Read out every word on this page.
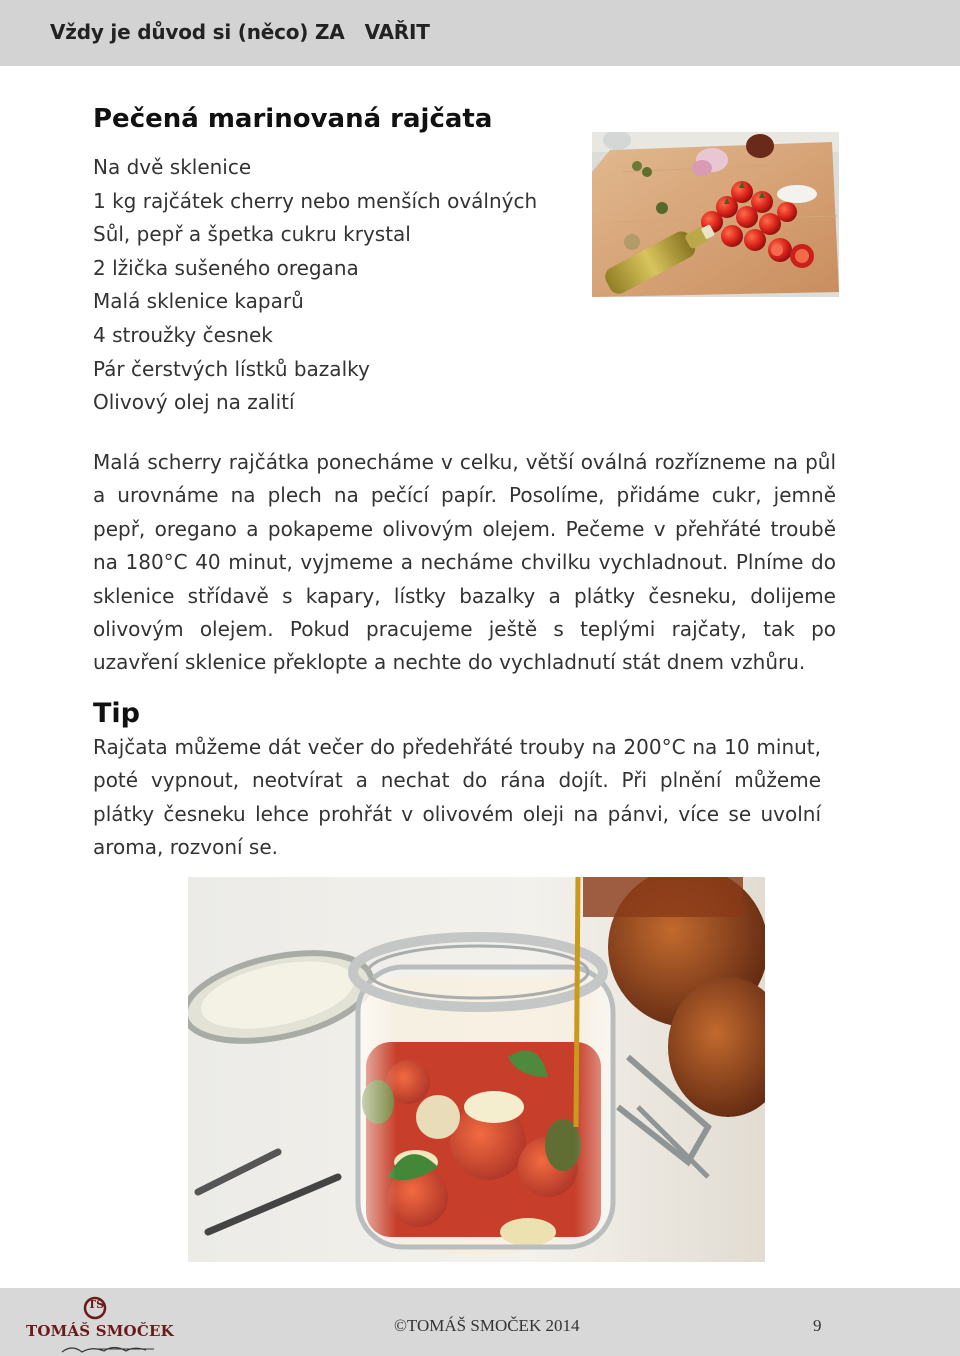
Vždy je důvod si (něco) ZA VAŘIT
Pečená marinovaná rajčata
Na dvě sklenice
1 kg rajčátek cherry nebo menších oválných
Sůl, pepř a špetka cukru krystal
2 lžička sušeného oregana
Malá sklenice kaparů
4 stroužky česnek
Pár čerstvých lístků bazalky
Olivový olej na zalití

Malá scherry rajčátka ponecháme v celku, větší oválná rozřízneme na půl a urovnáme na plech na pečící papír. Posolíme, přidáme cukr, jemně pepř, oregano a pokapeme olivovým olejem. Pečeme v přehřáté troubě na 180°C 40 minut, vyjmeme a necháme chvilku vychladnout. Plníme do sklenice střídavě s kapary, lístky bazalky a plátky česneku, dolijeme olivovým olejem. Pokud pracujeme ještě s teplými rajčaty, tak po uzavření sklenice překlopte a nechte do vychladnutí stát dnem vzhůru.

Tip

Rajčata můžeme dát večer do předehřáté trouby na 200°C na 10 minut, poté vypnout, neotvírat a nechat do rána dojít. Při plnění můžeme plátky česneku lehce prohřát v olivovém oleji na pánvi, více se uvolní aroma, rozvoní se.

TS
TOMÁŠ SMOČEK	©TOMÁŠ SMOČEK 2014	9
